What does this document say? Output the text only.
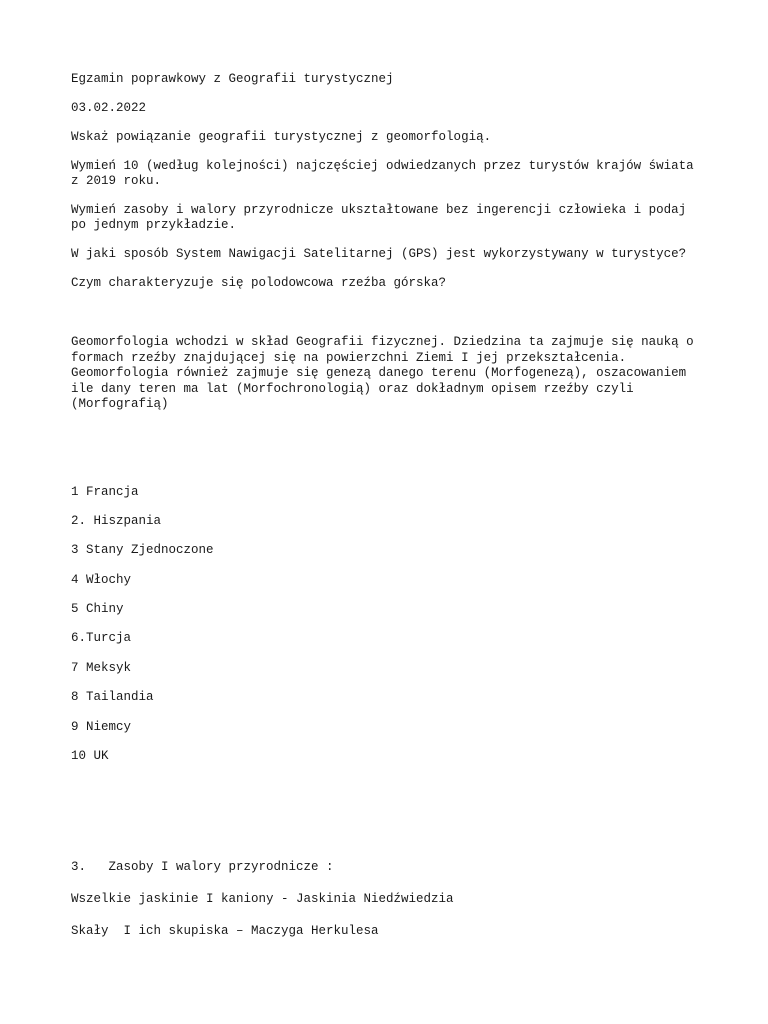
Egzamin poprawkowy z Geografii turystycznej

03.02.2022

Wskaż powiązanie geografii turystycznej z geomorfologią.

Wymień 10 (według kolejności) najczęściej odwiedzanych przez turystów krajów świata
z 2019 roku.

Wymień zasoby i walory przyrodnicze ukształtowane bez ingerencji człowieka i podaj
po jednym przykładzie.

W jaki sposób System Nawigacji Satelitarnej (GPS) jest wykorzystywany w turystyce?

Czym charakteryzuje się polodowcowa rzeźba górska?

Geomorfologia wchodzi w skład Geografii fizycznej. Dziedzina ta zajmuje się nauką o
formach rzeźby znajdującej się na powierzchni Ziemi I jej przekształcenia.
Geomorfologia również zajmuje się genezą danego terenu (Morfogenezą), oszacowaniem
ile dany teren ma lat (Morfochronologią) oraz dokładnym opisem rzeźby czyli
(Morfografią)

1 Francja

2. Hiszpania

3 Stany Zjednoczone

4 Włochy

5 Chiny

6.Turcja

7 Meksyk

8 Tailandia

9 Niemcy

10 UK

3.   Zasoby I walory przyrodnicze :

Wszelkie jaskinie I kaniony - Jaskinia Niedźwiedzia

Skały  I ich skupiska – Maczyga Herkulesa
